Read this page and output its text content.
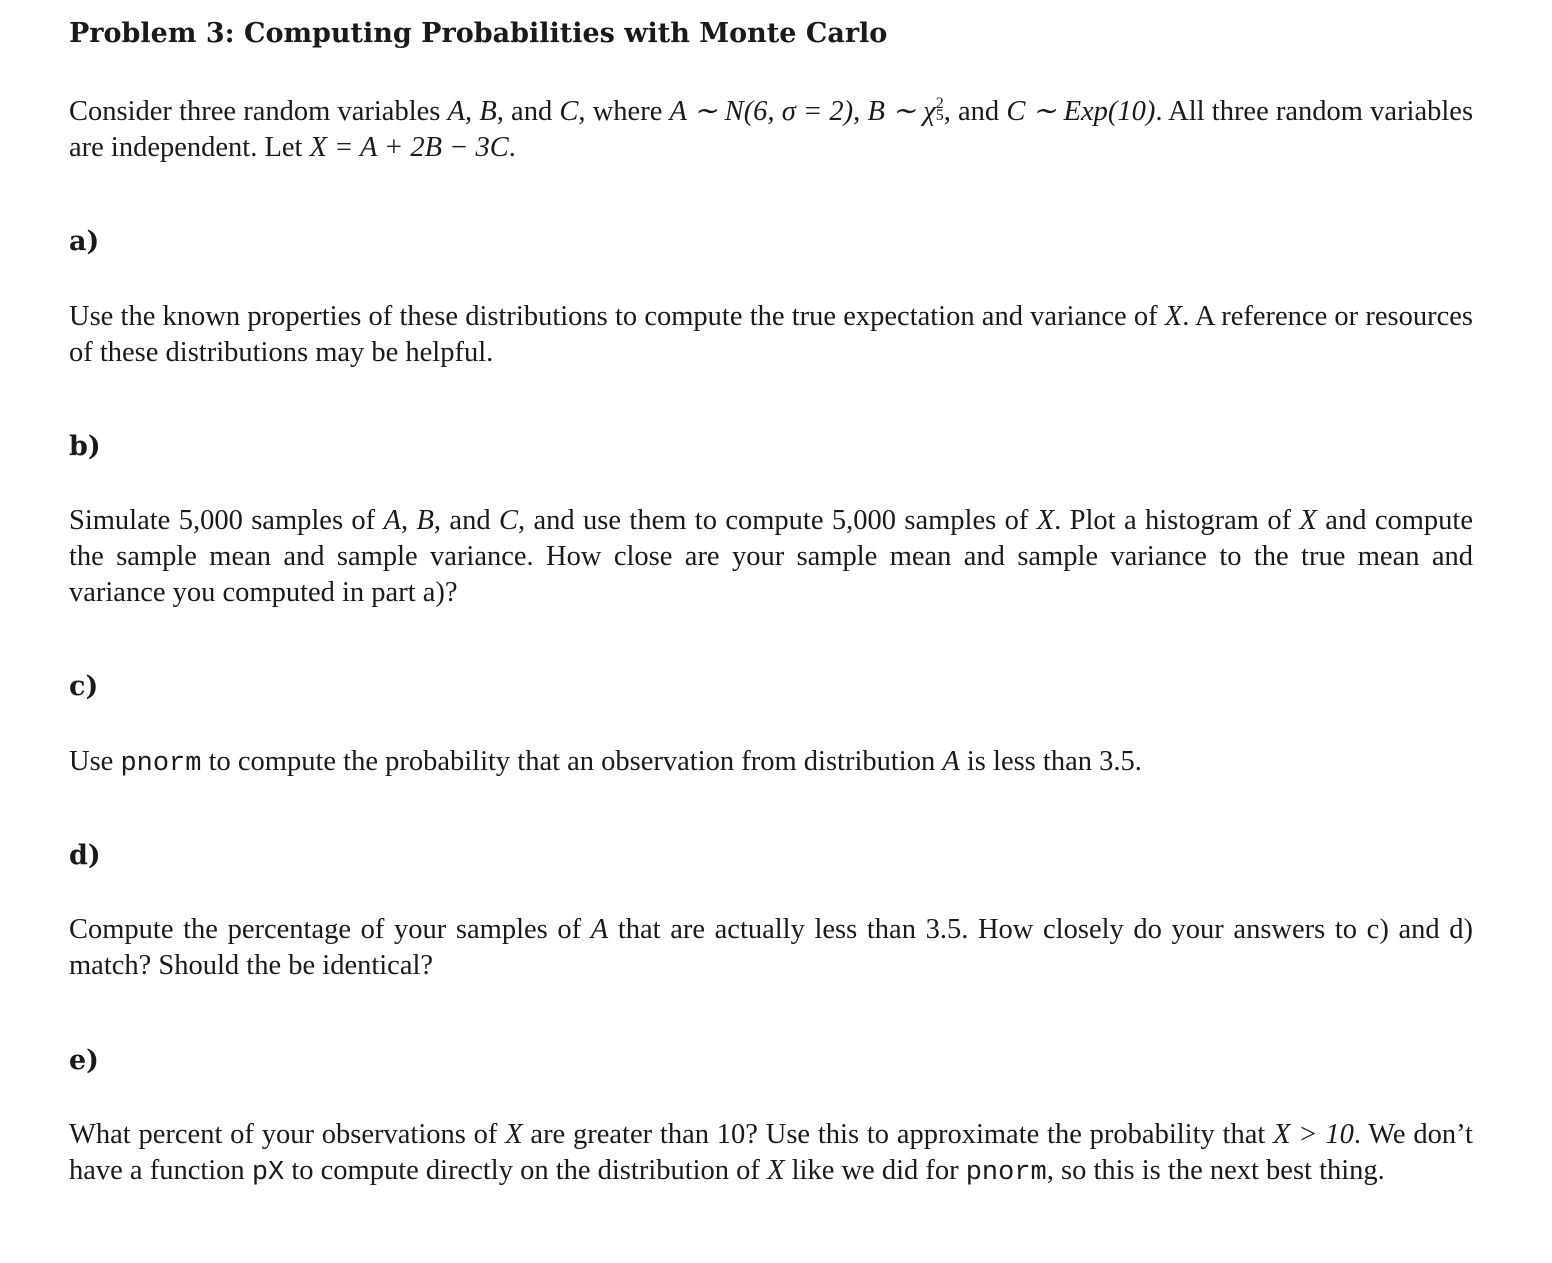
Problem 3: Computing Probabilities with Monte Carlo
Consider three random variables A, B, and C, where A ∼ N(6, σ = 2), B ∼ χ 2
5 , and C ∼ Exp(10). All three random variables are independent. Let X = A + 2B − 3C.
a)
Use the known properties of these distributions to compute the true expectation and variance of X. A reference or resources of these distributions may be helpful.
b)
Simulate 5,000 samples of A, B, and C, and use them to compute 5,000 samples of X. Plot a histogram of X and compute the sample mean and sample variance. How close are your sample mean and sample variance to the true mean and variance you computed in part a)?
c)
Use pnorm to compute the probability that an observation from distribution A is less than 3.5.
d)
Compute the percentage of your samples of A that are actually less than 3.5. How closely do your answers to c) and d) match? Should the be identical?
e)
What percent of your observations of X are greater than 10? Use this to approximate the probability that X > 10. We don’t have a function pX to compute directly on the distribution of X like we did for pnorm, so this is the next best thing.
